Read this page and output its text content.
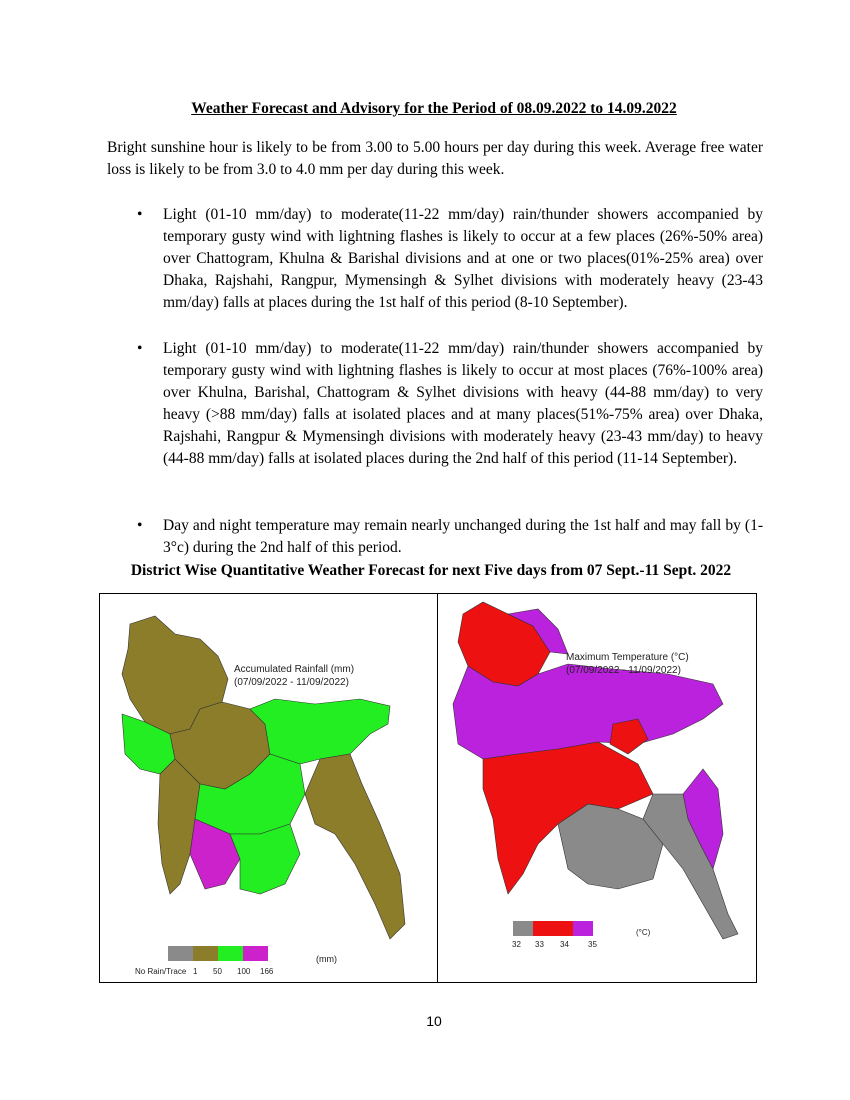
Weather Forecast and Advisory for the Period of 08.09.2022 to 14.09.2022

Bright sunshine hour is likely to be from 3.00 to 5.00 hours per day during this week. Average free water loss is likely to be from 3.0 to 4.0 mm per day during this week.

• Light (01-10 mm/day) to moderate(11-22 mm/day) rain/thunder showers accompanied by temporary gusty wind with lightning flashes is likely to occur at a few places (26%-50% area) over Chattogram, Khulna & Barishal divisions and at one or two places(01%-25% area) over Dhaka, Rajshahi, Rangpur, Mymensingh & Sylhet divisions with moderately heavy (23-43 mm/day) falls at places during the 1st half of this period (8-10 September).
• Light (01-10 mm/day) to moderate(11-22 mm/day) rain/thunder showers accompanied by temporary gusty wind with lightning flashes is likely to occur at most places (76%-100% area) over Khulna, Barishal, Chattogram & Sylhet divisions with heavy (44-88 mm/day) to very heavy (>88 mm/day) falls at isolated places and at many places(51%-75% area) over Dhaka, Rajshahi, Rangpur & Mymensingh divisions with moderately heavy (23-43 mm/day) to heavy (44-88 mm/day) falls at isolated places during the 2nd half of this period (11-14 September).
• Day and night temperature may remain nearly unchanged during the 1st half and may fall by (1- 3°c) during the 2nd half of this period.
District Wise Quantitative Weather Forecast for next Five days from 07 Sept.-11 Sept. 2022
Accumulated Rainfall (mm)
(07/09/2022 - 11/09/2022)
No Rain/Trace 1 50 100 166
(mm)
Maximum Temperature (°C)
(07/09/2022 - 11/09/2022)
32 33 34 35
(°C)
10
